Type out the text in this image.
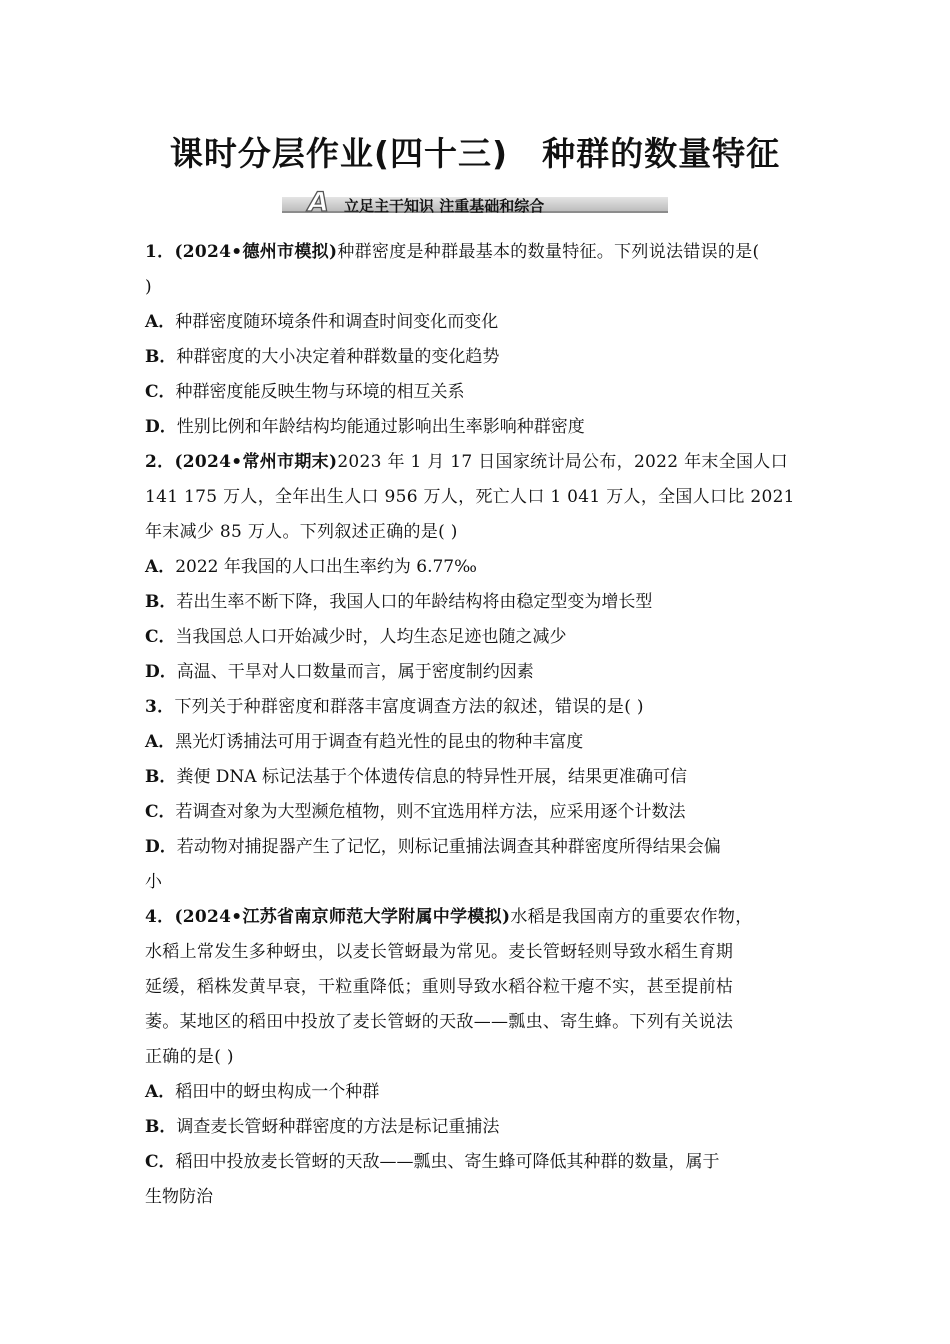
课时分层作业(四十三) 种群的数量特征
A 立足主干知识 注重基础和综合
1．(2024•德州市模拟)种群密度是种群最基本的数量特征。下列说法错误的是(
)
A．种群密度随环境条件和调查时间变化而变化
B．种群密度的大小决定着种群数量的变化趋势
C．种群密度能反映生物与环境的相互关系
D．性别比例和年龄结构均能通过影响出生率影响种群密度
2．(2024•常州市期末)2023 年 1 月 17 日国家统计局公布，2022 年末全国人口
141 175 万人，全年出生人口 956 万人，死亡人口 1 041 万人，全国人口比 2021
年末减少 85 万人。下列叙述正确的是( )
A．2022 年我国的人口出生率约为 6.77‰
B．若出生率不断下降，我国人口的年龄结构将由稳定型变为增长型
C．当我国总人口开始减少时，人均生态足迹也随之减少
D．高温、干旱对人口数量而言，属于密度制约因素
3．下列关于种群密度和群落丰富度调查方法的叙述，错误的是( )
A．黑光灯诱捕法可用于调查有趋光性的昆虫的物种丰富度
B．粪便 DNA 标记法基于个体遗传信息的特异性开展，结果更准确可信
C．若调查对象为大型濒危植物，则不宜选用样方法，应采用逐个计数法
D．若动物对捕捉器产生了记忆，则标记重捕法调查其种群密度所得结果会偏
小
4．(2024•江苏省南京师范大学附属中学模拟)水稻是我国南方的重要农作物，
水稻上常发生多种蚜虫，以麦长管蚜最为常见。麦长管蚜轻则导致水稻生育期
延缓，稻株发黄早衰，干粒重降低；重则导致水稻谷粒干瘪不实，甚至提前枯
萎。某地区的稻田中投放了麦长管蚜的天敌——瓢虫、寄生蜂。下列有关说法
正确的是( )
A．稻田中的蚜虫构成一个种群
B．调查麦长管蚜种群密度的方法是标记重捕法
C．稻田中投放麦长管蚜的天敌——瓢虫、寄生蜂可降低其种群的数量，属于
生物防治
